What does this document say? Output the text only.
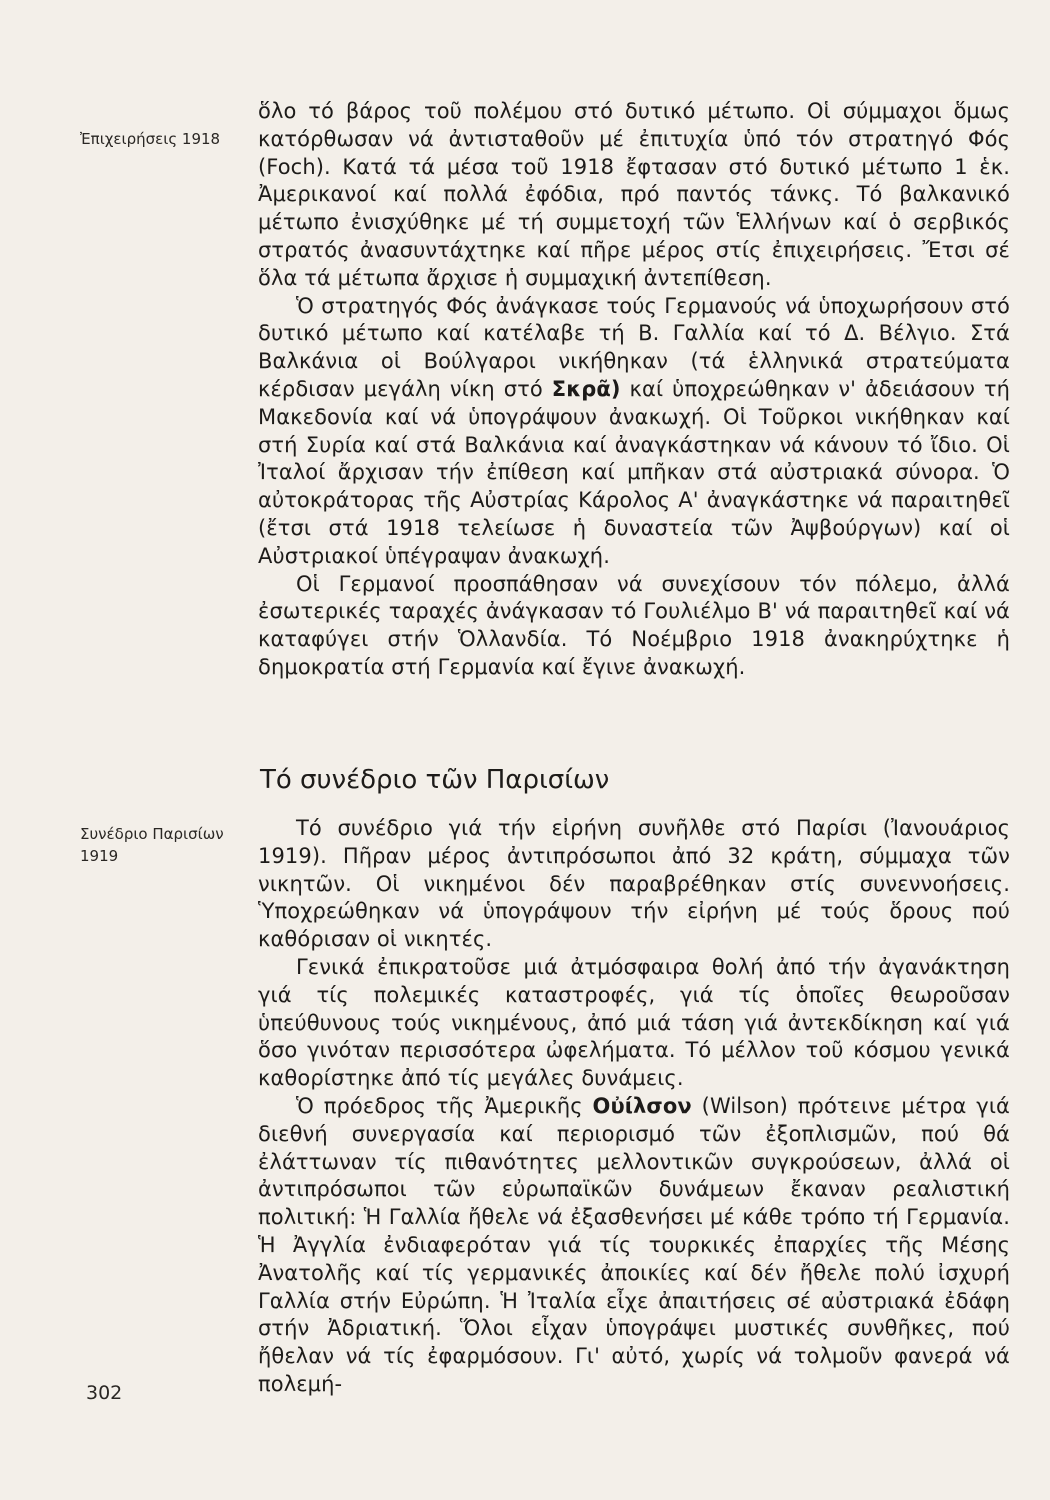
Ἐπιχειρήσεις 1918

ὅλο τό βάρος τοῦ πολέμου στό δυτικό μέτωπο. Οἱ σύμμαχοι ὅμως κατόρθωσαν νά ἀντισταθοῦν μέ ἐπιτυχία ὑπό τόν στρατηγό Φός (Foch). Κατά τά μέσα τοῦ 1918 ἔφτασαν στό δυτικό μέτωπο 1 ἑκ. Ἀμερικανοί καί πολλά ἐφόδια, πρό παντός τάνκς. Τό βαλκανικό μέτωπο ἐνισχύθηκε μέ τή συμμετοχή τῶν Ἑλλήνων καί ὁ σερβικός στρατός ἀνασυντάχτηκε καί πῆρε μέρος στίς ἐπιχειρήσεις. Ἔτσι σέ ὅλα τά μέτωπα ἄρχισε ἡ συμμαχική ἀντεπίθεση.

Ὁ στρατηγός Φός ἀνάγκασε τούς Γερμανούς νά ὑποχωρήσουν στό δυτικό μέτωπο καί κατέλαβε τή Β. Γαλλία καί τό Δ. Βέλγιο. Στά Βαλκάνια οἱ Βούλγαροι νικήθηκαν (τά ἑλληνικά στρατεύματα κέρδισαν μεγάλη νίκη στό Σκρᾶ) καί ὑποχρεώθηκαν ν' ἀδειάσουν τή Μακεδονία καί νά ὑπογράψουν ἀνακωχή. Οἱ Τοῦρκοι νικήθηκαν καί στή Συρία καί στά Βαλκάνια καί ἀναγκάστηκαν νά κάνουν τό ἴδιο. Οἱ Ἰταλοί ἄρχισαν τήν ἐπίθεση καί μπῆκαν στά αὐστριακά σύνορα. Ὁ αὐτοκράτορας τῆς Αὐστρίας Κάρολος Α' ἀναγκάστηκε νά παραιτηθεῖ (ἔτσι στά 1918 τελείωσε ἡ δυναστεία τῶν Ἀψβούργων) καί οἱ Αὐστριακοί ὑπέγραψαν ἀνακωχή.

Οἱ Γερμανοί προσπάθησαν νά συνεχίσουν τόν πόλεμο, ἀλλά ἐσωτερικές ταραχές ἀνάγκασαν τό Γουλιέλμο Β' νά παραιτηθεῖ καί νά καταφύγει στήν Ὁλλανδία. Τό Νοέμβριο 1918 ἀνακηρύχτηκε ἡ δημοκρατία στή Γερμανία καί ἔγινε ἀνακωχή.

Τό συνέδριο τῶν Παρισίων
Συνέδριο Παρισίων
1919

Τό συνέδριο γιά τήν εἰρήνη συνῆλθε στό Παρίσι (Ἰανουάριος 1919). Πῆραν μέρος ἀντιπρόσωποι ἀπό 32 κράτη, σύμμαχα τῶν νικητῶν. Οἱ νικημένοι δέν παραβρέθηκαν στίς συνεννοήσεις. Ὑποχρεώθηκαν νά ὑπογράψουν τήν εἰρήνη μέ τούς ὅρους πού καθόρισαν οἱ νικητές.

Γενικά ἐπικρατοῦσε μιά ἀτμόσφαιρα θολή ἀπό τήν ἀγανάκτηση γιά τίς πολεμικές καταστροφές, γιά τίς ὁποῖες θεωροῦσαν ὑπεύθυνους τούς νικημένους, ἀπό μιά τάση γιά ἀντεκδίκηση καί γιά ὅσο γινόταν περισσότερα ὠφελήματα. Τό μέλλον τοῦ κόσμου γενικά καθορίστηκε ἀπό τίς μεγάλες δυνάμεις.

Ὁ πρόεδρος τῆς Ἀμερικῆς Οὐίλσον (Wilson) πρότεινε μέτρα γιά διεθνή συνεργασία καί περιορισμό τῶν ἐξοπλισμῶν, πού θά ἐλάττωναν τίς πιθανότητες μελλοντικῶν συγκρούσεων, ἀλλά οἱ ἀντιπρόσωποι τῶν εὐρωπαϊκῶν δυνάμεων ἔκαναν ρεαλιστική πολιτική: Ἡ Γαλλία ἤθελε νά ἐξασθενήσει μέ κάθε τρόπο τή Γερμανία. Ἡ Ἀγγλία ἐνδιαφερόταν γιά τίς τουρκικές ἐπαρχίες τῆς Μέσης Ἀνατολῆς καί τίς γερμανικές ἀποικίες καί δέν ἤθελε πολύ ἰσχυρή Γαλλία στήν Εὐρώπη. Ἡ Ἰταλία εἶχε ἀπαιτήσεις σέ αὐστριακά ἐδάφη στήν Ἀδριατική. Ὅλοι εἶχαν ὑπογράψει μυστικές συνθῆκες, πού ἤθελαν νά τίς ἐφαρμόσουν. Γι' αὐτό, χωρίς νά τολμοῦν φανερά νά πολεμή-

302
